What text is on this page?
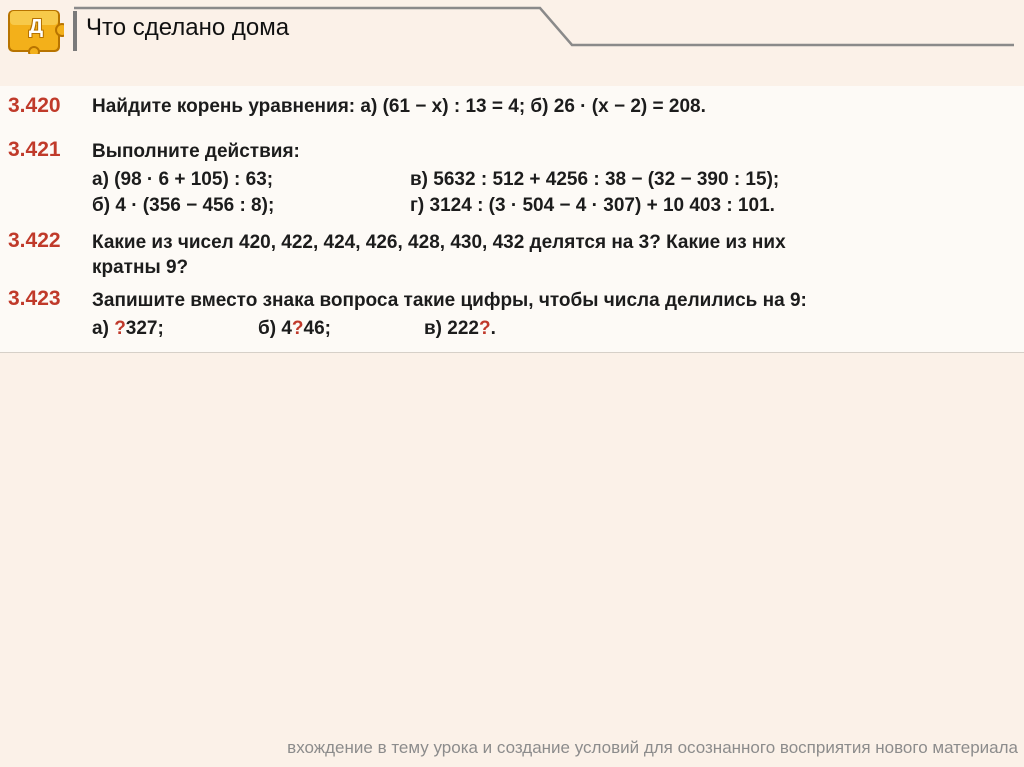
Д Что сделано дома
3.420 Найдите корень уравнения: а) (61 − x) : 13 = 4; б) 26 · (x − 2) = 208.
3.421 Выполните действия:
а) (98 · 6 + 105) : 63;
б) 4 · (356 − 456 : 8);
в) 5632 : 512 + 4256 : 38 − (32 − 390 : 15);
г) 3124 : (3 · 504 − 4 · 307) + 10 403 : 101.
3.422 Какие из чисел 420, 422, 424, 426, 428, 430, 432 делятся на 3? Какие из них
кратны 9?
3.423 Запишите вместо знака вопроса такие цифры, чтобы числа делились на 9:
а) ?327;	б) 4?46;	в) 222?.
вхождение в тему урока и создание условий для осознанного восприятия нового материала
